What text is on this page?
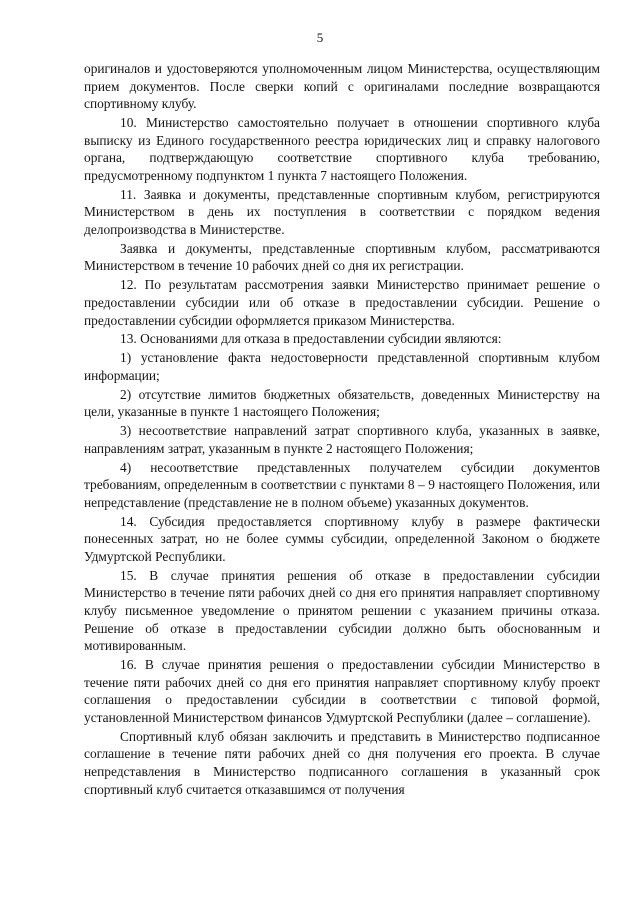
5

оригиналов и удостоверяются уполномоченным лицом Министерства, осуществляющим прием документов. После сверки копий с оригиналами последние возвращаются спортивному клубу.

10. Министерство самостоятельно получает в отношении спортивного клуба выписку из Единого государственного реестра юридических лиц и справку налогового органа, подтверждающую соответствие спортивного клуба требованию, предусмотренному подпунктом 1 пункта 7 настоящего Положения.

11. Заявка и документы, представленные спортивным клубом, регистрируются Министерством в день их поступления в соответствии с порядком ведения делопроизводства в Министерстве.

Заявка и документы, представленные спортивным клубом, рассматриваются Министерством в течение 10 рабочих дней со дня их регистрации.

12. По результатам рассмотрения заявки Министерство принимает решение о предоставлении субсидии или об отказе в предоставлении субсидии. Решение о предоставлении субсидии оформляется приказом Министерства.

13. Основаниями для отказа в предоставлении субсидии являются:

1) установление факта недостоверности представленной спортивным клубом информации;

2) отсутствие лимитов бюджетных обязательств, доведенных Министерству на цели, указанные в пункте 1 настоящего Положения;

3) несоответствие направлений затрат спортивного клуба, указанных в заявке, направлениям затрат, указанным в пункте 2 настоящего Положения;

4) несоответствие представленных получателем субсидии документов требованиям, определенным в соответствии с пунктами 8 – 9 настоящего Положения, или непредставление (представление не в полном объеме) указанных документов.

14. Субсидия предоставляется спортивному клубу в размере фактически понесенных затрат, но не более суммы субсидии, определенной Законом о бюджете Удмуртской Республики.

15. В случае принятия решения об отказе в предоставлении субсидии Министерство в течение пяти рабочих дней со дня его принятия направляет спортивному клубу письменное уведомление о принятом решении с указанием причины отказа. Решение об отказе в предоставлении субсидии должно быть обоснованным и мотивированным.

16. В случае принятия решения о предоставлении субсидии Министерство в течение пяти рабочих дней со дня его принятия направляет спортивному клубу проект соглашения о предоставлении субсидии в соответствии с типовой формой, установленной Министерством финансов Удмуртской Республики (далее – соглашение).

Спортивный клуб обязан заключить и представить в Министерство подписанное соглашение в течение пяти рабочих дней со дня получения его проекта. В случае непредставления в Министерство подписанного соглашения в указанный срок спортивный клуб считается отказавшимся от получения
